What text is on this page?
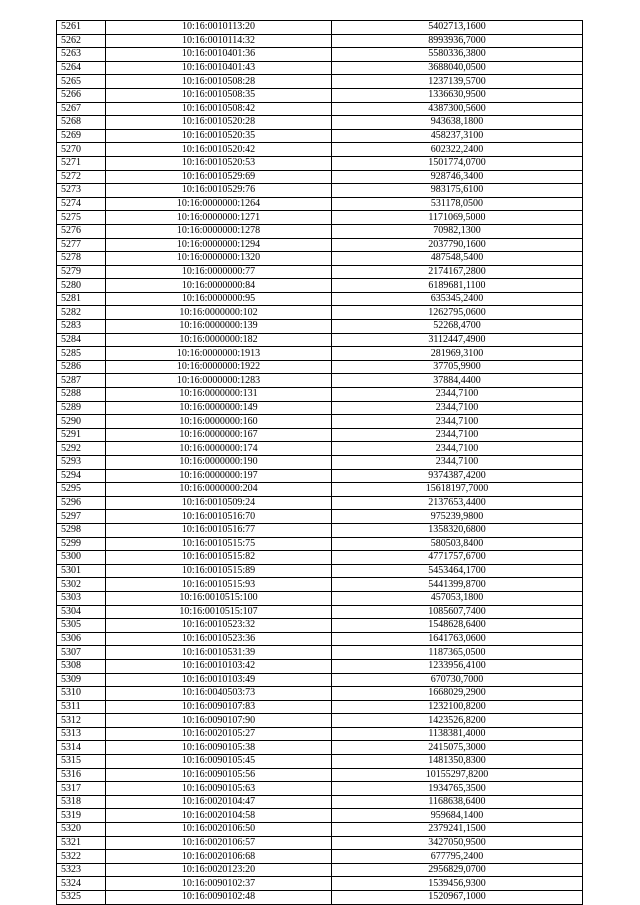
5261	10:16:0010113:20	5402713,1600
5262	10:16:0010114:32	8993936,7000
5263	10:16:0010401:36	5580336,3800
5264	10:16:0010401:43	3688040,0500
5265	10:16:0010508:28	1237139,5700
5266	10:16:0010508:35	1336630,9500
5267	10:16:0010508:42	4387300,5600
5268	10:16:0010520:28	943638,1800
5269	10:16:0010520:35	458237,3100
5270	10:16:0010520:42	602322,2400
5271	10:16:0010520:53	1501774,0700
5272	10:16:0010529:69	928746,3400
5273	10:16:0010529:76	983175,6100
5274	10:16:0000000:1264	531178,0500
5275	10:16:0000000:1271	1171069,5000
5276	10:16:0000000:1278	70982,1300
5277	10:16:0000000:1294	2037790,1600
5278	10:16:0000000:1320	487548,5400
5279	10:16:0000000:77	2174167,2800
5280	10:16:0000000:84	6189681,1100
5281	10:16:0000000:95	635345,2400
5282	10:16:0000000:102	1262795,0600
5283	10:16:0000000:139	52268,4700
5284	10:16:0000000:182	3112447,4900
5285	10:16:0000000:1913	281969,3100
5286	10:16:0000000:1922	37705,9900
5287	10:16:0000000:1283	37884,4400
5288	10:16:0000000:131	2344,7100
5289	10:16:0000000:149	2344,7100
5290	10:16:0000000:160	2344,7100
5291	10:16:0000000:167	2344,7100
5292	10:16:0000000:174	2344,7100
5293	10:16:0000000:190	2344,7100
5294	10:16:0000000:197	9374387,4200
5295	10:16:0000000:204	15618197,7000
5296	10:16:0010509:24	2137653,4400
5297	10:16:0010516:70	975239,9800
5298	10:16:0010516:77	1358320,6800
5299	10:16:0010515:75	580503,8400
5300	10:16:0010515:82	4771757,6700
5301	10:16:0010515:89	5453464,1700
5302	10:16:0010515:93	5441399,8700
5303	10:16:0010515:100	457053,1800
5304	10:16:0010515:107	1085607,7400
5305	10:16:0010523:32	1548628,6400
5306	10:16:0010523:36	1641763,0600
5307	10:16:0010531:39	1187365,0500
5308	10:16:0010103:42	1233956,4100
5309	10:16:0010103:49	670730,7000
5310	10:16:0040503:73	1668029,2900
5311	10:16:0090107:83	1232100,8200
5312	10:16:0090107:90	1423526,8200
5313	10:16:0020105:27	1138381,4000
5314	10:16:0090105:38	2415075,3000
5315	10:16:0090105:45	1481350,8300
5316	10:16:0090105:56	10155297,8200
5317	10:16:0090105:63	1934765,3500
5318	10:16:0020104:47	1168638,6400
5319	10:16:0020104:58	959684,1400
5320	10:16:0020106:50	2379241,1500
5321	10:16:0020106:57	3427050,9500
5322	10:16:0020106:68	677795,2400
5323	10:16:0020123:20	2956829,0700
5324	10:16:0090102:37	1539456,9300
5325	10:16:0090102:48	1520967,1000
